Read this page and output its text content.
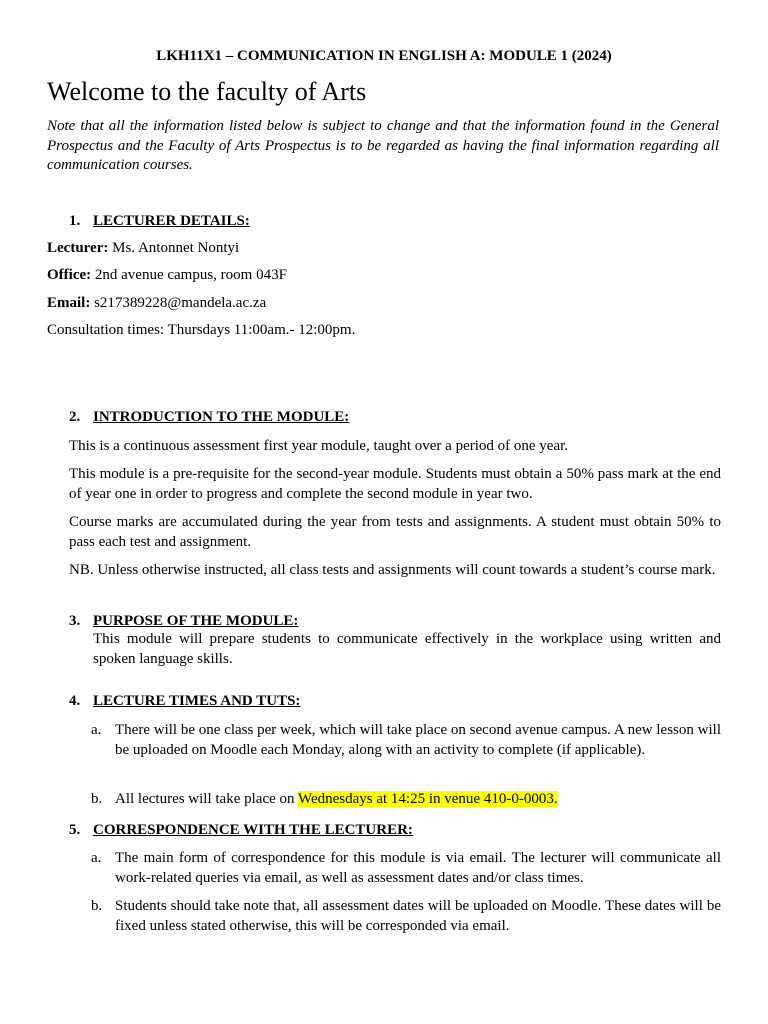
LKH11X1 – COMMUNICATION IN ENGLISH A: MODULE 1 (2024)
Welcome to the faculty of Arts

Note that all the information listed below is subject to change and that the information found in the General Prospectus and the Faculty of Arts Prospectus is to be regarded as having the final information regarding all communication courses.

1. LECTURER DETAILS:

Lecturer: Ms. Antonnet Nontyi

Office: 2nd avenue campus, room 043F

Email: s217389228@mandela.ac.za

Consultation times: Thursdays 11:00am.- 12:00pm.

2. INTRODUCTION TO THE MODULE:

This is a continuous assessment first year module, taught over a period of one year.

This module is a pre-requisite for the second-year module. Students must obtain a 50% pass mark at the end of year one in order to progress and complete the second module in year two.

Course marks are accumulated during the year from tests and assignments. A student must obtain 50% to pass each test and assignment.

NB. Unless otherwise instructed, all class tests and assignments will count towards a student’s course mark.

3. PURPOSE OF THE MODULE:

This module will prepare students to communicate effectively in the workplace using written and spoken language skills.

4. LECTURE TIMES AND TUTS:
a. There will be one class per week, which will take place on second avenue campus. A new lesson will be uploaded on Moodle each Monday, along with an activity to complete (if applicable).
b. All lectures will take place on Wednesdays at 14:25 in venue 410-0-0003.
5. CORRESPONDENCE WITH THE LECTURER:
a. The main form of correspondence for this module is via email. The lecturer will communicate all work-related queries via email, as well as assessment dates and/or class times.
b. Students should take note that, all assessment dates will be uploaded on Moodle. These dates will be fixed unless stated otherwise, this will be corresponded via email.
